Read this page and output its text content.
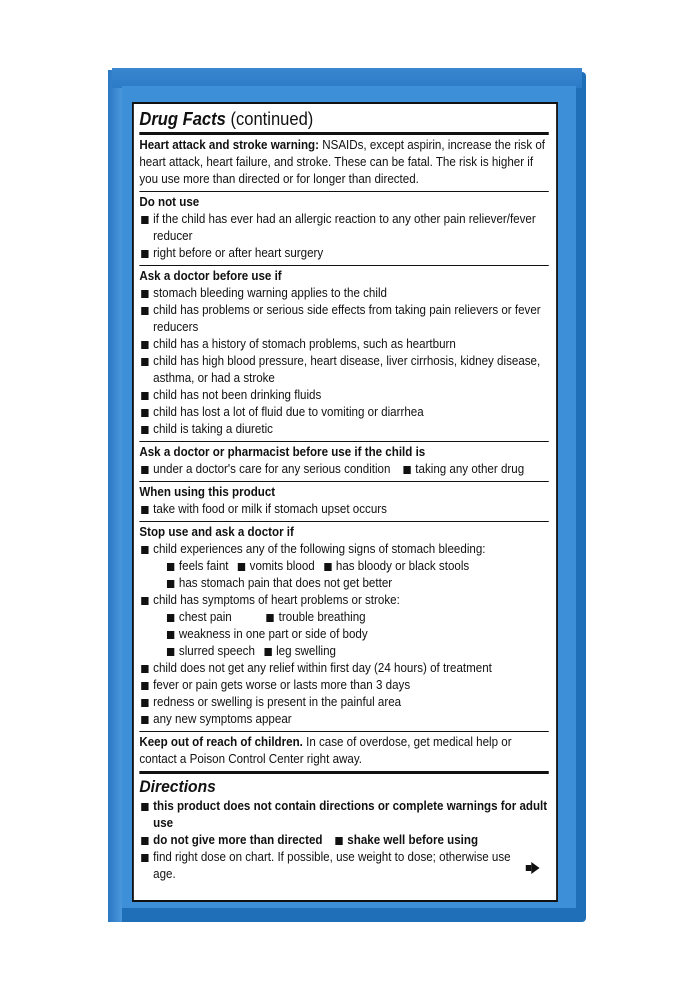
Drug Facts (continued)
Heart attack and stroke warning: NSAIDs, except aspirin, increase the risk of heart attack, heart failure, and stroke. These can be fatal. The risk is higher if you use more than directed or for longer than directed.
Do not use
if the child has ever had an allergic reaction to any other pain reliever/fever reducer
right before or after heart surgery
Ask a doctor before use if
stomach bleeding warning applies to the child
child has problems or serious side effects from taking pain relievers or fever reducers
child has a history of stomach problems, such as heartburn
child has high blood pressure, heart disease, liver cirrhosis, kidney disease, asthma, or had a stroke
child has not been drinking fluids
child has lost a lot of fluid due to vomiting or diarrhea
child is taking a diuretic
Ask a doctor or pharmacist before use if the child is
under a doctor's care for any serious condition taking any other drug
When using this product
take with food or milk if stomach upset occurs
Stop use and ask a doctor if
child experiences any of the following signs of stomach bleeding:
feels faint vomits blood has bloody or black stools
has stomach pain that does not get better
child has symptoms of heart problems or stroke:
chest pain	trouble breathing
weakness in one part or side of body
slurred speech leg swelling
child does not get any relief within first day (24 hours) of treatment
fever or pain gets worse or lasts more than 3 days
redness or swelling is present in the painful area
any new symptoms appear
Keep out of reach of children. In case of overdose, get medical help or contact a Poison Control Center right away.
Directions
this product does not contain directions or complete warnings for adult use
do not give more than directed shake well before using
find right dose on chart. If possible, use weight to dose; otherwise use age.
